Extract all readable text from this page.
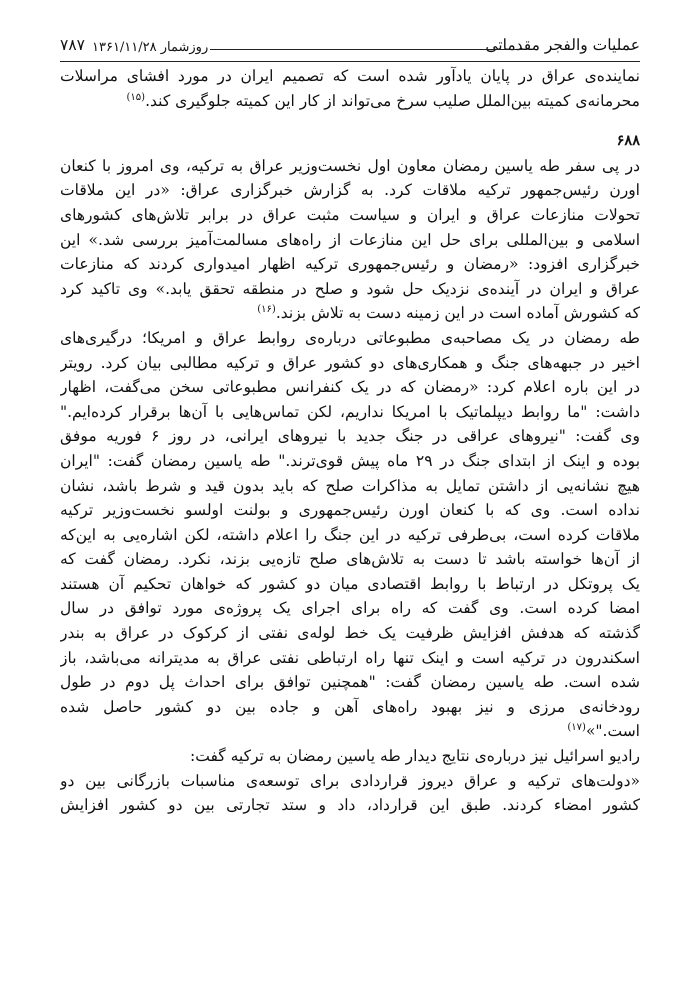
عملیات والفجر مقدماتی
روزشمار ۱۳۶۱/۱۱/۲۸
۷۸۷
نماینده‌ی عراق در پایان یادآور شده است که تصمیم ایران در مورد افشای مراسلات
محرمانه‌ی کمیته بین‌الملل صلیب سرخ می‌تواند از کار این کمیته جلوگیری کند.$^{(۱۵)}$
۶۸۸
در پی سفر طه یاسین رمضان معاون اول نخست‌وزیر عراق به ترکیه، وی امروز با کنعان
اورن رئیس‌جمهور ترکیه ملاقات کرد. به گزارش خبرگزاری عراق: «در این ملاقات
تحولات منازعات عراق و ایران و سیاست مثبت عراق در برابر تلاش‌های کشورهای
اسلامی و بین‌المللی برای حل این منازعات از راه‌های مسالمت‌آمیز بررسی شد.» این
خبرگزاری افزود: «رمضان و رئیس‌جمهوری ترکیه اظهار امیدواری کردند که منازعات
عراق و ایران در آینده‌ی نزدیک حل شود و صلح در منطقه تحقق یابد.» وی تاکید کرد
که کشورش آماده است در این زمینه دست به تلاش بزند.$^{(۱۶)}$
طه رمضان در یک مصاحبه‌ی مطبوعاتی درباره‌ی روابط عراق و امریکا؛ درگیری‌های
اخیر در جبهه‌های جنگ و همکاری‌های دو کشور عراق و ترکیه مطالبی بیان کرد. رویتر
در این باره اعلام کرد: «رمضان که در یک کنفرانس مطبوعاتی سخن می‌گفت، اظهار
داشت: "ما روابط دیپلماتیک با امریکا نداریم، لکن تماس‌هایی با آن‌ها برقرار کرده‌ایم."
وی گفت: "نیروهای عراقی در جنگ جدید با نیروهای ایرانی، در روز ۶ فوریه موفق
بوده و اینک از ابتدای جنگ در ۲۹ ماه پیش قوی‌ترند." طه یاسین رمضان گفت: "ایران
هیچ نشانه‌یی از داشتن تمایل به مذاکرات صلح که باید بدون قید و شرط باشد، نشان
نداده است. وی که با کنعان اورن رئیس‌جمهوری و بولنت اولسو نخست‌وزیر ترکیه
ملاقات کرده است، بی‌طرفی ترکیه در این جنگ را اعلام داشته، لکن اشاره‌یی به این‌که
از آن‌ها خواسته باشد تا دست به تلاش‌های صلح تازه‌یی بزند، نکرد. رمضان گفت که
یک پروتکل در ارتباط با روابط اقتصادی میان دو کشور که خواهان تحکیم آن هستند
امضا کرده است. وی گفت که راه برای اجرای یک پروژه‌ی مورد توافق در سال
گذشته که هدفش افزایش ظرفیت یک خط لوله‌ی نفتی از کرکوک در عراق به بندر
اسکندرون در ترکیه است و اینک تنها راه ارتباطی نفتی عراق به مدیترانه می‌باشد، باز
شده است. طه یاسین رمضان گفت: "همچنین توافق برای احداث پل دوم در طول
رودخانه‌ی مرزی و نیز بهبود راه‌های آهن و جاده بین دو کشور حاصل شده
است."»$^{(۱۷)}$
رادیو اسرائیل نیز درباره‌ی نتایج دیدار طه یاسین رمضان به ترکیه گفت:
«دولت‌های ترکیه و عراق دیروز قراردادی برای توسعه‌ی مناسبات بازرگانی بین دو
کشور امضاء کردند. طبق این قرارداد، داد و ستد تجارتی بین دو کشور افزایش
